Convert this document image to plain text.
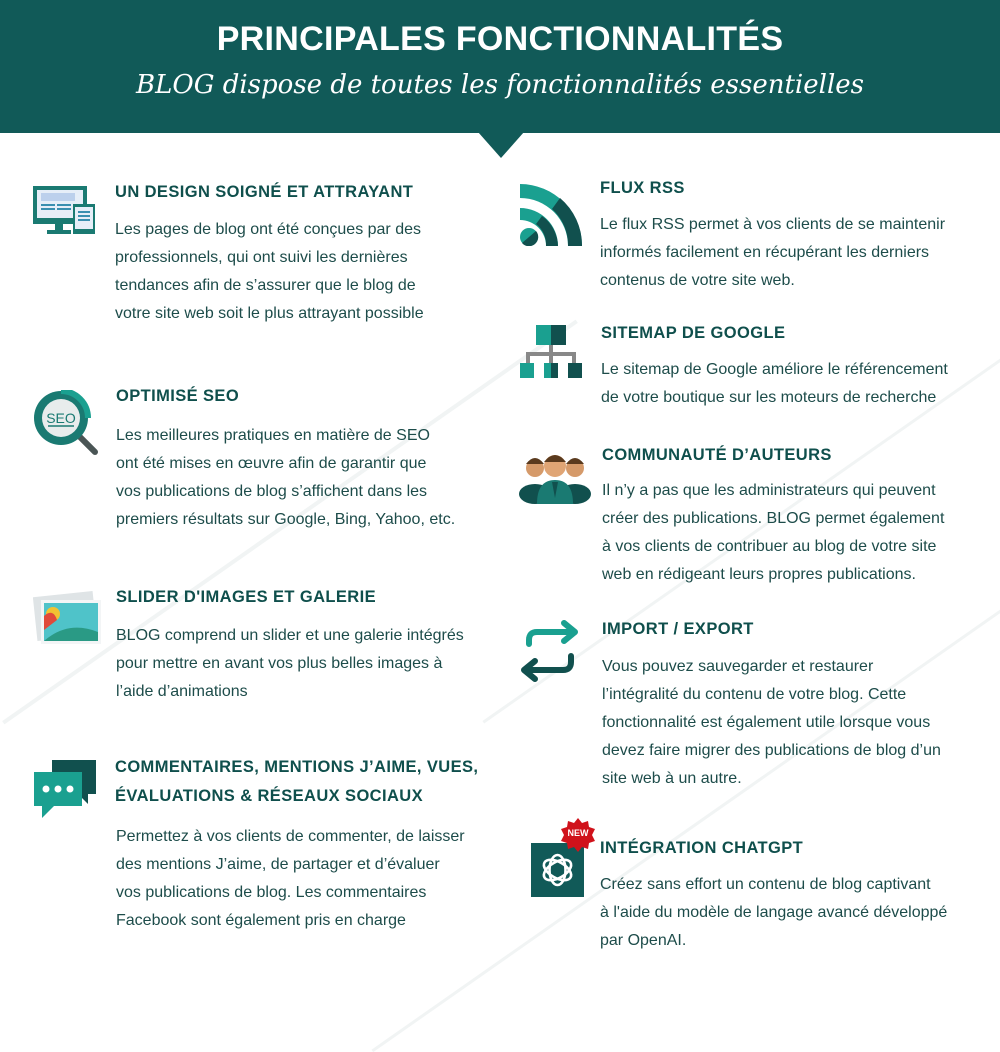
PRINCIPALES FONCTIONNALITÉS
BLOG dispose de toutes les fonctionnalités essentielles
UN DESIGN SOIGNÉ ET ATTRAYANT
Les pages de blog ont été conçues par des
professionnels, qui ont suivi les dernières
tendances afin de s’assurer que le blog de
votre site web soit le plus attrayant possible
SEO
OPTIMISÉ SEO
Les meilleures pratiques en matière de SEO
ont été mises en œuvre afin de garantir que
vos publications de blog s’affichent dans les
premiers résultats sur Google, Bing, Yahoo, etc.
SLIDER D'IMAGES ET GALERIE
BLOG comprend un slider et une galerie intégrés
pour mettre en avant vos plus belles images à
l’aide d’animations
COMMENTAIRES, MENTIONS J’AIME, VUES,
ÉVALUATIONS & RÉSEAUX SOCIAUX
Permettez à vos clients de commenter, de laisser
des mentions J’aime, de partager et d’évaluer
vos publications de blog. Les commentaires
Facebook sont également pris en charge
FLUX RSS
Le flux RSS permet à vos clients de se maintenir
informés facilement en récupérant les derniers
contenus de votre site web.
SITEMAP DE GOOGLE
Le sitemap de Google améliore le référencement
de votre boutique sur les moteurs de recherche
COMMUNAUTÉ D’AUTEURS
Il n’y a pas que les administrateurs qui peuvent
créer des publications. BLOG permet également
à vos clients de contribuer au blog de votre site
web en rédigeant leurs propres publications.
IMPORT / EXPORT
Vous pouvez sauvegarder et restaurer
l’intégralité du contenu de votre blog. Cette
fonctionnalité est également utile lorsque vous
devez faire migrer des publications de blog d’un
site web à un autre.
NEW
INTÉGRATION CHATGPT
Créez sans effort un contenu de blog captivant
à l'aide du modèle de langage avancé développé
par OpenAI.
